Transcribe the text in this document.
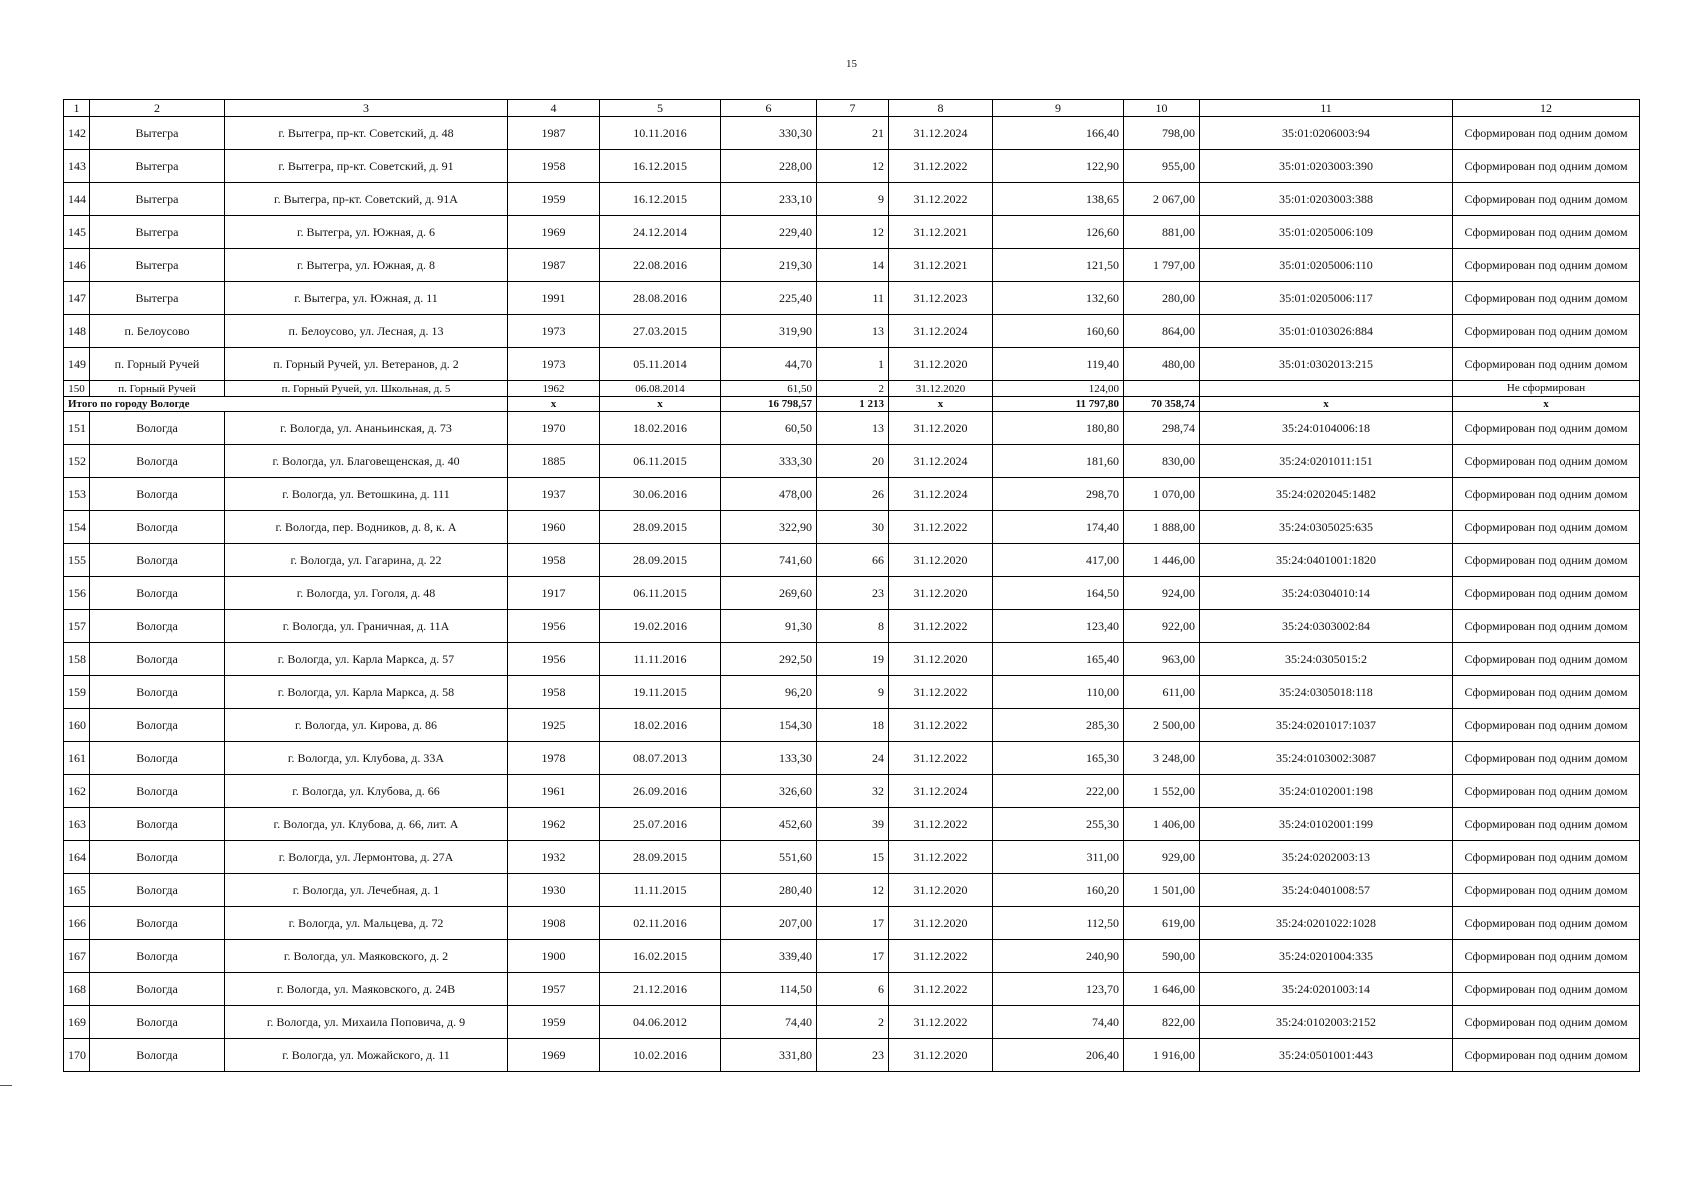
15
1	2	3	4	5	6	7	8	9	10	11	12
142	Вытегра	г. Вытегра, пр-кт. Советский, д. 48	1987	10.11.2016	330,30	21	31.12.2024	166,40	798,00	35:01:0206003:94	Сформирован под одним домом
143	Вытегра	г. Вытегра, пр-кт. Советский, д. 91	1958	16.12.2015	228,00	12	31.12.2022	122,90	955,00	35:01:0203003:390	Сформирован под одним домом
144	Вытегра	г. Вытегра, пр-кт. Советский, д. 91А	1959	16.12.2015	233,10	9	31.12.2022	138,65	2 067,00	35:01:0203003:388	Сформирован под одним домом
145	Вытегра	г. Вытегра, ул. Южная, д. 6	1969	24.12.2014	229,40	12	31.12.2021	126,60	881,00	35:01:0205006:109	Сформирован под одним домом
146	Вытегра	г. Вытегра, ул. Южная, д. 8	1987	22.08.2016	219,30	14	31.12.2021	121,50	1 797,00	35:01:0205006:110	Сформирован под одним домом
147	Вытегра	г. Вытегра, ул. Южная, д. 11	1991	28.08.2016	225,40	11	31.12.2023	132,60	280,00	35:01:0205006:117	Сформирован под одним домом
148	п. Белоусово	п. Белоусово, ул. Лесная, д. 13	1973	27.03.2015	319,90	13	31.12.2024	160,60	864,00	35:01:0103026:884	Сформирован под одним домом
149	п. Горный Ручей	п. Горный Ручей, ул. Ветеранов, д. 2	1973	05.11.2014	44,70	1	31.12.2020	119,40	480,00	35:01:0302013:215	Сформирован под одним домом
150	п. Горный Ручей	п. Горный Ручей, ул. Школьная, д. 5	1962	06.08.2014	61,50	2	31.12.2020	124,00			Не сформирован
Итого по городу Вологде			х	х	16 798,57	1 213	х	11 797,80	70 358,74	х	х
151	Вологда	г. Вологда, ул. Ананьинская, д. 73	1970	18.02.2016	60,50	13	31.12.2020	180,80	298,74	35:24:0104006:18	Сформирован под одним домом
152	Вологда	г. Вологда, ул. Благовещенская, д. 40	1885	06.11.2015	333,30	20	31.12.2024	181,60	830,00	35:24:0201011:151	Сформирован под одним домом
153	Вологда	г. Вологда, ул. Ветошкина, д. 111	1937	30.06.2016	478,00	26	31.12.2024	298,70	1 070,00	35:24:0202045:1482	Сформирован под одним домом
154	Вологда	г. Вологда, пер. Водников, д. 8, к. А	1960	28.09.2015	322,90	30	31.12.2022	174,40	1 888,00	35:24:0305025:635	Сформирован под одним домом
155	Вологда	г. Вологда, ул. Гагарина, д. 22	1958	28.09.2015	741,60	66	31.12.2020	417,00	1 446,00	35:24:0401001:1820	Сформирован под одним домом
156	Вологда	г. Вологда, ул. Гоголя, д. 48	1917	06.11.2015	269,60	23	31.12.2020	164,50	924,00	35:24:0304010:14	Сформирован под одним домом
157	Вологда	г. Вологда, ул. Граничная, д. 11А	1956	19.02.2016	91,30	8	31.12.2022	123,40	922,00	35:24:0303002:84	Сформирован под одним домом
158	Вологда	г. Вологда, ул. Карла Маркса, д. 57	1956	11.11.2016	292,50	19	31.12.2020	165,40	963,00	35:24:0305015:2	Сформирован под одним домом
159	Вологда	г. Вологда, ул. Карла Маркса, д. 58	1958	19.11.2015	96,20	9	31.12.2022	110,00	611,00	35:24:0305018:118	Сформирован под одним домом
160	Вологда	г. Вологда, ул. Кирова, д. 86	1925	18.02.2016	154,30	18	31.12.2022	285,30	2 500,00	35:24:0201017:1037	Сформирован под одним домом
161	Вологда	г. Вологда, ул. Клубова, д. 33А	1978	08.07.2013	133,30	24	31.12.2022	165,30	3 248,00	35:24:0103002:3087	Сформирован под одним домом
162	Вологда	г. Вологда, ул. Клубова, д. 66	1961	26.09.2016	326,60	32	31.12.2024	222,00	1 552,00	35:24:0102001:198	Сформирован под одним домом
163	Вологда	г. Вологда, ул. Клубова, д. 66, лит. А	1962	25.07.2016	452,60	39	31.12.2022	255,30	1 406,00	35:24:0102001:199	Сформирован под одним домом
164	Вологда	г. Вологда, ул. Лермонтова, д. 27А	1932	28.09.2015	551,60	15	31.12.2022	311,00	929,00	35:24:0202003:13	Сформирован под одним домом
165	Вологда	г. Вологда, ул. Лечебная, д. 1	1930	11.11.2015	280,40	12	31.12.2020	160,20	1 501,00	35:24:0401008:57	Сформирован под одним домом
166	Вологда	г. Вологда, ул. Мальцева, д. 72	1908	02.11.2016	207,00	17	31.12.2020	112,50	619,00	35:24:0201022:1028	Сформирован под одним домом
167	Вологда	г. Вологда, ул. Маяковского, д. 2	1900	16.02.2015	339,40	17	31.12.2022	240,90	590,00	35:24:0201004:335	Сформирован под одним домом
168	Вологда	г. Вологда, ул. Маяковского, д. 24В	1957	21.12.2016	114,50	6	31.12.2022	123,70	1 646,00	35:24:0201003:14	Сформирован под одним домом
169	Вологда	г. Вологда, ул. Михаила Поповича, д. 9	1959	04.06.2012	74,40	2	31.12.2022	74,40	822,00	35:24:0102003:2152	Сформирован под одним домом
170	Вологда	г. Вологда, ул. Можайского, д. 11	1969	10.02.2016	331,80	23	31.12.2020	206,40	1 916,00	35:24:0501001:443	Сформирован под одним домом
